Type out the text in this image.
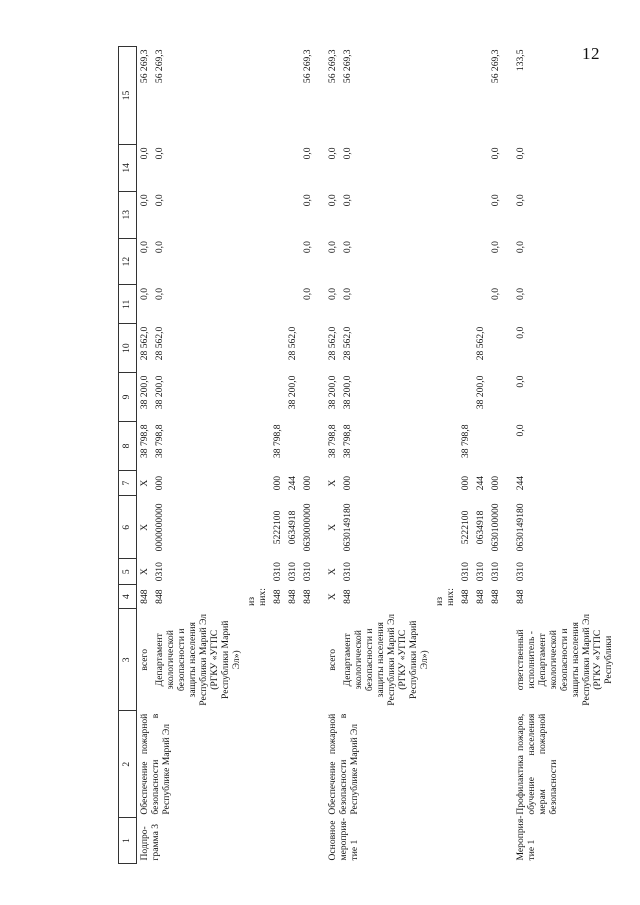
12
1	2	3	4	5	6	7	8	9	10	11	12	13	14	15
Подпро-грамма 3	Обеспечение пожарной безопасности в Республике Марий Эл	всего	848	Х	Х	Х	38 798,8	38 200,0	28 562,0	0,0	0,0	0,0	0,0	56 269,3
		Департамент экологической безопасности и защиты населения Республики Марий Эл (РГКУ «УГПС Республики Марий Эл»)	848	0310	0000000000	000	38 798,8	38 200,0	28 562,0	0,0	0,0	0,0	0,0	56 269,3
			из них:											
			848	0310	5222100	000	38 798,8							
			848	0310	0634918	244		38 200,0	28 562,0					
			848	0310	0630000000	000				0,0	0,0	0,0	0,0	56 269,3

Основное мероприя-тие 1	Обеспечение пожарной безопасности в Республике Марий Эл	всего	Х	Х	Х	Х	38 798,8	38 200,0	28 562,0	0,0	0,0	0,0	0,0	56 269,3
		Департамент экологической безопасности и защиты населения Республики Марий Эл (РГКУ «УГПС Республики Марий Эл»)	848	0310	0630149180	000	38 798,8	38 200,0	28 562,0	0,0	0,0	0,0	0,0	56 269,3
			из них:											
			848	0310	5222100	000	38 798,8							
			848	0310	0634918	244		38 200,0	28 562,0					
			848	0310	0630100000	000				0,0	0,0	0,0	0,0	56 269,3

Мероприя-тие 1	Профилактика пожаров, обучение населения мерам пожарной безопасности	ответственный исполнитель - Департамент экологической безопасности и защиты населения Республики Марий Эл (РГКУ «УГПС Республики	848	0310	0630149180	244	0,0	0,0	0,0	0,0	0,0	0,0	0,0	133,5
